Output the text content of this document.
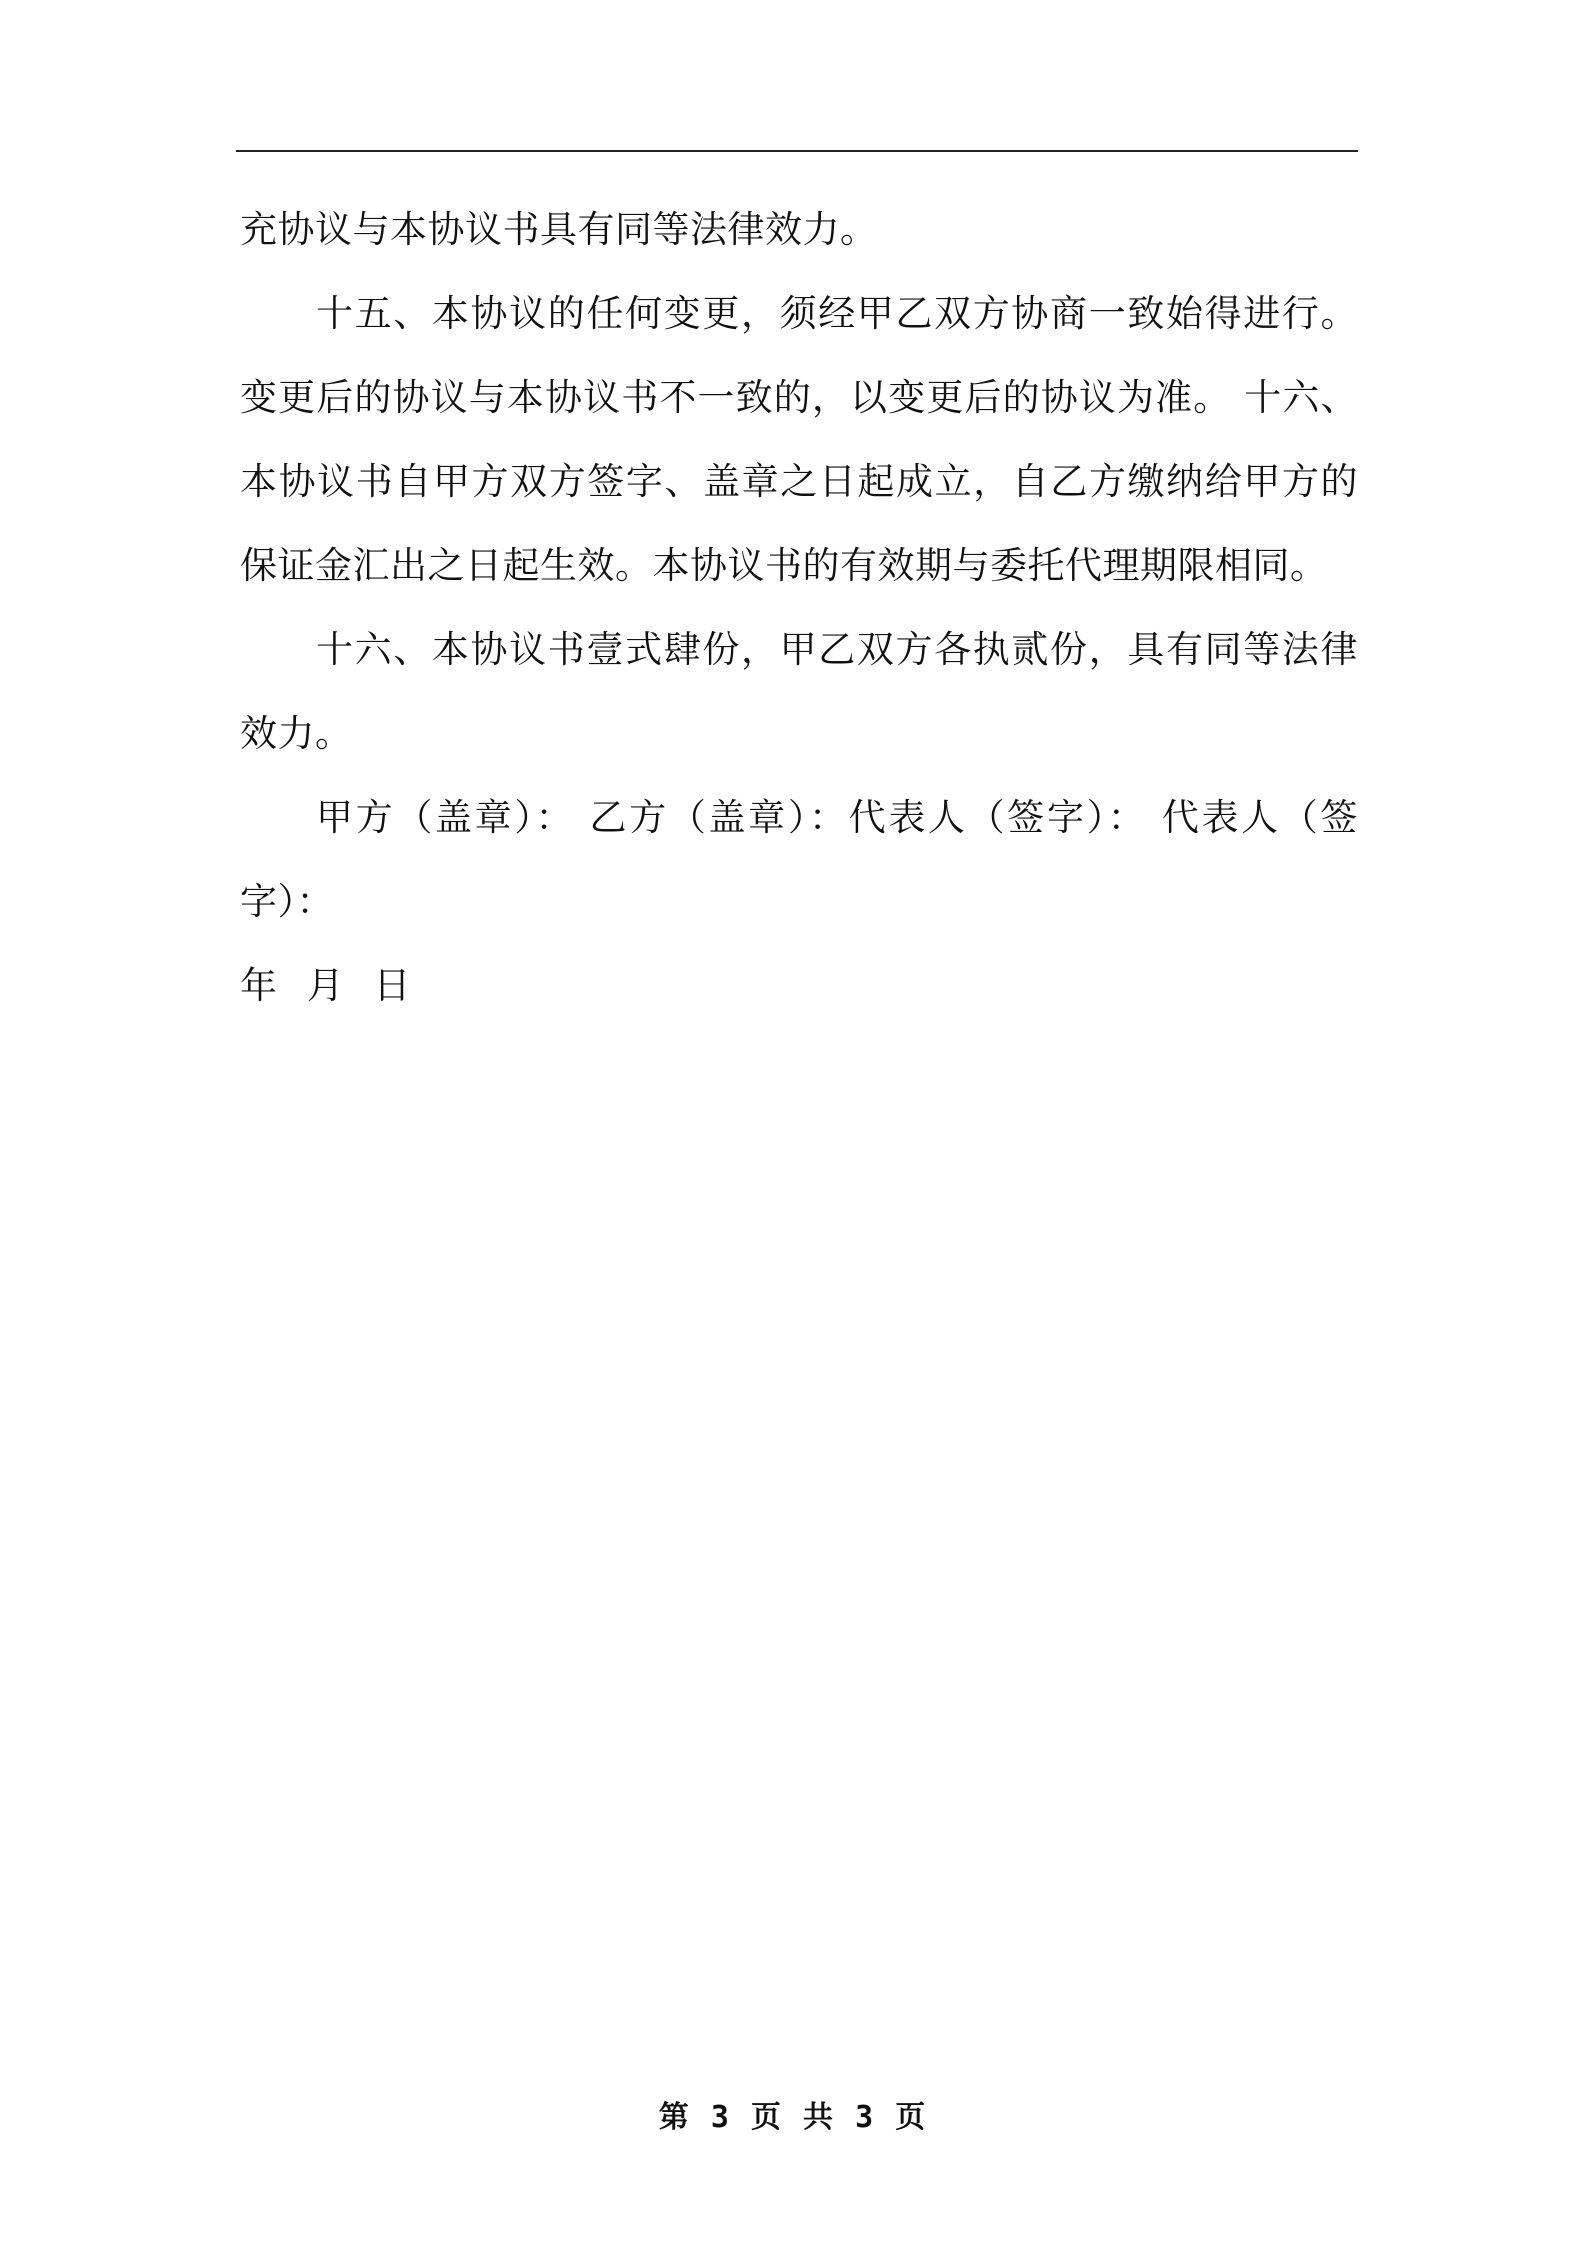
充协议与本协议书具有同等法律效力。

十五、本协议的任何变更，须经甲乙双方协商一致始得进行。变更后的协议与本协议书不一致的，以变更后的协议为准。 十六、本协议书自甲方双方签字、盖章之日起成立，自乙方缴纳给甲方的保证金汇出之日起生效。本协议书的有效期与委托代理期限相同。

十六、本协议书壹式肆份，甲乙双方各执贰份，具有同等法律效力。

甲方（盖章）： 乙方（盖章）：代表人（签字）： 代表人（签字）：

年 月 日

第 3 页 共 3 页
